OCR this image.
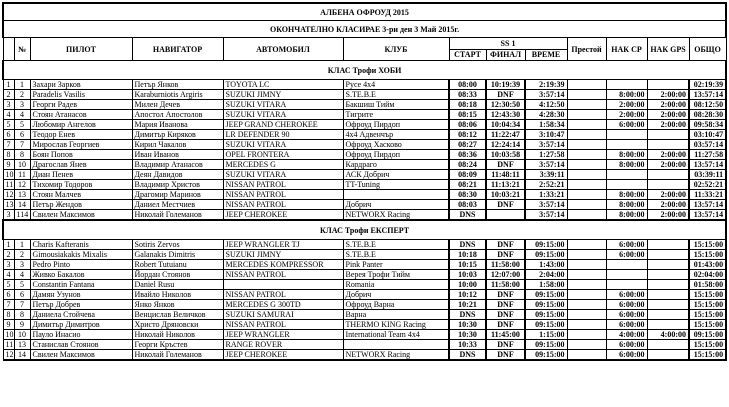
АЛБЕНА ОФРОУД 2015												
ОКОНЧАТЕЛНО КЛАСИРАЕ 3-ри ден 3 Май 2015г.												
	№	ПИЛОТ	НАВИГАТОР	АВТОМОБИЛ	КЛУБ	SS 1			Престой	НАК CP	НАК GPS	ОБЩО
						СТАРТ	ФИНАЛ	ВРЕМЕ				
КЛАС Трофи ХОБИ												
1	1	Захари Зарков	Петър Янков	TOYOTA LC	Русе 4x4	08:00	10:19:39	2:19:39				02:19:39
2	2	Paradelis Vasilis	Karaburniotis Argiris	SUZUKI JIMNY	S.TE.B.E	08:33	DNF	3:57:14		8:00:00	2:00:00	13:57:14
3	3	Георги Радев	Милен Дечев	SUZUKI VITARA	Бакшиш Тийм	08:18	12:30:50	4:12:50		2:00:00	2:00:00	08:12:50
4	4	Стоян Атанасов	Апостол Апостолов	SUZUKI VITARA	Тигрите	08:15	12:43:30	4:28:30		2:00:00	2:00:00	08:28:30
5	5	Любомир Ангелов	Мария Иванова	JEEP GRAND CHEROKEE	Офроуд Пирдоп	08:06	10:04:34	1:58:34		6:00:00	2:00:00	09:58:34
6	6	Теодор Енев	Димитър Киряков	LR DEFENDER 90	4x4 Адвенчър	08:12	11:22:47	3:10:47				03:10:47
7	7	Мирослав Георгиев	Кирил Чакалов	SUZUKI VITARA	Офроуд Хасково	08:27	12:24:14	3:57:14				03:57:14
8	8	Боян Попов	Иван Иванов	OPEL FRONTERA	Офроуд Пирдоп	08:36	10:03:58	1:27:58		8:00:00	2:00:00	11:27:58
9	10	Драгослав Янев	Владимир Атанасов	MERCEDES G	Кардраго	08:24	DNF	3:57:14		8:00:00	2:00:00	13:57:14
10	11	Диан Пенев	Деян Давидов	SUZUKI VITARA	АСК Добрич	08:09	11:48:11	3:39:11				03:39:11
11	12	Тихомир Тодоров	Владимир Христов	NISSAN PATROL	TT-Tuning	08:21	11:13:21	2:52:21				02:52:21
12	13	Стоян Малчев	Драгомир Маринов	NISSAN PATROL		08:30	10:03:21	1:33:21		8:00:00	2:00:00	11:33:21
13	14	Петър Жендов	Даниел Местчиев	NISSAN PATROL	Добрич	08:03	DNF	3:57:14		8:00:00	2:00:00	13:57:14
3	114	Свилен Максимов	Николай Големанов	JEEP CHEROKEE	NETWORX Racing	DNS		3:57:14		8:00:00	2:00:00	13:57:14
КЛАС Трофи ЕКСПЕРТ												
1	1	Charis Kafteranis	Sotiris Zervos	JEEP WRANGLER TJ	S.TE.B.E	DNS	DNF	09:15:00		6:00:00		15:15:00
2	2	Gimousiakakis Mixalis	Galanakis Dimitris	SUZUKI JIMNY	S.TE.B.E	10:18	DNF	09:15:00		6:00:00		15:15:00
3	3	Pedro Pinto	Robert Tutuianu	MERCEDES KOMPRESSOR	Pink Panter	10:15	11:58:00	1:43:00				01:43:00
4	4	Живко Бакалов	Йордан Стоянов	NISSAN PATROL	Верея Трофи Тийм	10:03	12:07:00	2:04:00				02:04:00
5	5	Constantin Fantana	Daniel Rusu		Romania	10:00	11:58:00	1:58:00				01:58:00
6	6	Дамян Узунов	Ивайло Николов	NISSAN PATROL	Добрич	10:12	DNF	09:15:00		6:00:00		15:15:00
7	7	Петър Добрев	Янко Янков	MERCEDES G 300TD	Офроуд Варна	10:21	DNF	09:15:00		6:00:00		15:15:00
8	8	Даниела Стойчева	Венцислав Величков	SUZUKI SAMURAI	Варна	DNS	DNF	09:15:00		6:00:00		15:15:00
9	9	Димитър Димитров	Христо Дряновски	NISSAN PATROL	THERMO KING Racing	10:30	DNF	09:15:00		6:00:00		15:15:00
10	10	Пауло Инасио	Николай Николов	JEEP WRANGLER	International Team 4x4	10:30	11:45:00	1:15:00		4:00:00	4:00:00	09:15:00
11	13	Станислав Стоянов	Георги Кръстев	RANGE ROVER		10:33	DNF	09:15:00		6:00:00		15:15:00
12	14	Свилен Максимов	Николай Големанов	JEEP CHEROKEE	NETWORX Racing	DNS	DNF	09:15:00		6:00:00		15:15:00
